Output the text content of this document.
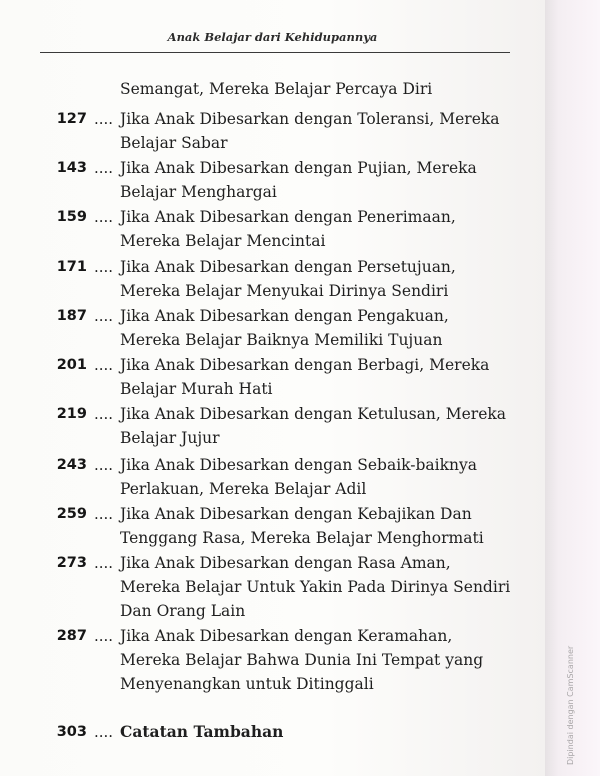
Anak Belajar dari Kehidupannya
Semangat, Mereka Belajar Percaya Diri
127 .... Jika Anak Dibesarkan dengan Toleransi, Mereka
Belajar Sabar
143 .... Jika Anak Dibesarkan dengan Pujian, Mereka
Belajar Menghargai
159 .... Jika Anak Dibesarkan dengan Penerimaan,
Mereka Belajar Mencintai
171 .... Jika Anak Dibesarkan dengan Persetujuan,
Mereka Belajar Menyukai Dirinya Sendiri
187 .... Jika Anak Dibesarkan dengan Pengakuan,
Mereka Belajar Baiknya Memiliki Tujuan
201 .... Jika Anak Dibesarkan dengan Berbagi, Mereka
Belajar Murah Hati
219 .... Jika Anak Dibesarkan dengan Ketulusan, Mereka
Belajar Jujur
243 .... Jika Anak Dibesarkan dengan Sebaik-baiknya
Perlakuan, Mereka Belajar Adil
259 .... Jika Anak Dibesarkan dengan Kebajikan Dan
Tenggang Rasa, Mereka Belajar Menghormati
273 .... Jika Anak Dibesarkan dengan Rasa Aman,
Mereka Belajar Untuk Yakin Pada Dirinya Sendiri
Dan Orang Lain
287 .... Jika Anak Dibesarkan dengan Keramahan,
Mereka Belajar Bahwa Dunia Ini Tempat yang
Menyenangkan untuk Ditinggali
303 .... Catatan Tambahan	Dipindai dengan CamScanner
